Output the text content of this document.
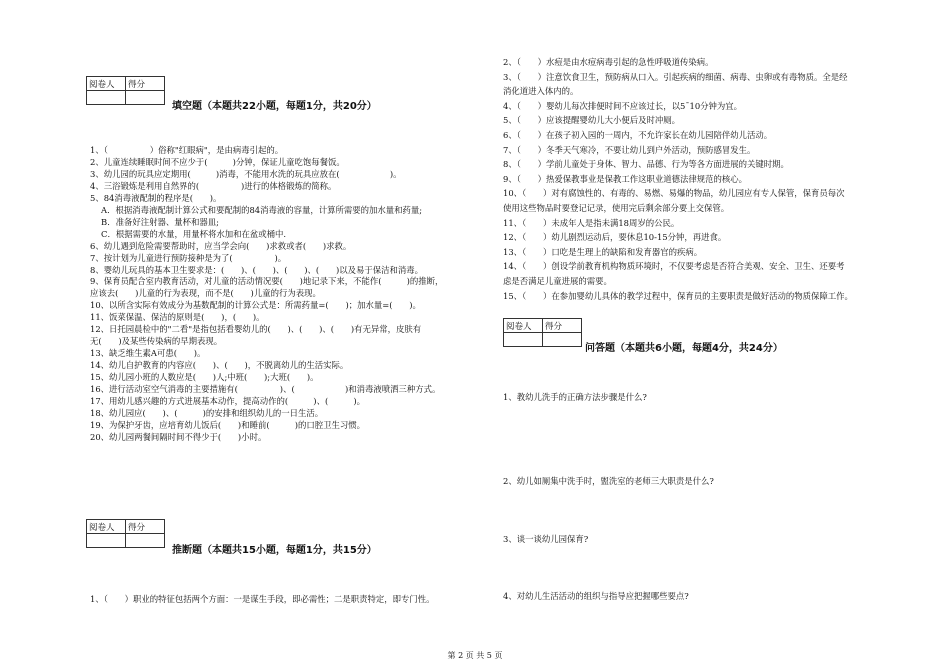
阅卷人	得分

填空题（本题共22小题，每题1分，共20分）
1、（　　　　　）俗称"红眼病"，是由病毒引起的。
2、儿童连续睡眠时间不应少于(　　　)分钟，保证儿童吃饱每餐饭。
3、幼儿园的玩具应定期用(　　　)消毒，不能用水洗的玩具应放在(　　　　　　)。
4、三浴锻炼是利用自然界的(　　　　　)进行的体格锻炼的简称。
5、84消毒液配制的程序是(　　)。
　 A．根据消毒液配制计算公式和要配制的84消毒液的容量，计算所需要的加水量和药量;
　 B．准备好注射器、量杯和器皿;
　 C．根据需要的水量，用量杯将水加和在盆或桶中.
6、幼儿遇到危险需要帮助时，应当学会向(　　)求救或者(　　)求救。
7、按计划为儿童进行预防接种是为了(　　　　　)。
8、婴幼儿玩具的基本卫生要求是：(　　)、(　　)、(　　)、(　　)以及易于保洁和消毒。
9、保育员配合室内教育活动，对儿童的活动情况要(　　)地记录下来，不能作(　　　)的推断，
应该去(　　)儿童的行为表现，而不是(　　)儿童的行为表现。
10、以所含实际有效成分为基数配制的计算公式是：所需药量=(　　)；加水量=(　　)。
11、饭菜保温、保洁的原则是(　　)，(　　)。
12、日托园晨检中的"二看"是指包括看婴幼儿的(　　)、(　　)、(　　)有无异常，皮肤有
无(　　)及某些传染病的早期表现。
13、缺乏维生素A可患(　　)。
14、幼儿自护教育的内容应(　　)、(　　)，不脱离幼儿的生活实际。
15、幼儿园小班的人数应是(　　)人;中班(　　);大班(　　)。
16、进行活动室空气消毒的主要措施有(　　　　　)、(　　　　　　)和消毒液喷洒三种方式。
17、用幼儿感兴趣的方式进展基本动作，提高动作的(　　　)、(　　　)。
18、幼儿园应(　　)、(　　　)的安排和组织幼儿的一日生活。
19、为保护牙齿，应培育幼儿饭后(　　)和睡前(　　　)的口腔卫生习惯。
20、幼儿园两餐间隔时间不得少于(　　)小时。
阅卷人	得分

推断题（本题共15小题，每题1分，共15分）
1、（　　）职业的特征包括两个方面：一是谋生手段，即必需性；二是职责特定，即专门性。
2、（　　）水痘是由水痘病毒引起的急性呼吸道传染病。
3、（　　）注意饮食卫生，预防病从口入。引起疾病的细菌、病毒、虫卵或有毒物质。全是经
消化道进入体内的。
4、（　　）婴幼儿每次排便时间不应该过长，以5¯10分钟为宜。
5、（　　）应该提醒婴幼儿大小便后及时冲厕。
6、（　　）在孩子初入园的一周内，不允许家长在幼儿园陪伴幼儿活动。
7、（　　）冬季天气寒冷，不要让幼儿到户外活动，预防感冒发生。
8、（　　）学前儿童处于身体、智力、品德、行为等各方面进展的关键时期。
9、（　　）热爱保教事业是保教工作这职业道德法律规范的核心。
10、（　　）对有腐蚀性的、有毒的、易燃、易爆的物品，幼儿园应有专人保管，保育员每次
使用这些物品时要登记记录，使用完后剩余部分要上交保管。
11、（　　）未成年人是指未满18周岁的公民。
12、（　　）幼儿剧烈运动后，要休息10-15分钟，再进食。
13、（　　）口吃是生理上的缺陷和发育器官的疾病。
14、（　　）创设学前教育机构物质环境时，不仅要考虑是否符合美观、安全、卫生、还要考
虑是否满足儿童进展的需要。
15、（　　）在参加婴幼儿具体的教学过程中，保育员的主要职责是做好活动的物质保障工作。
阅卷人	得分

问答题（本题共6小题，每题4分，共24分）
1、教幼儿洗手的正确方法步骤是什么?
2、幼儿如厕集中洗手时，盥洗室的老师三大职责是什么?
3、谈一谈幼儿园保育?
4、对幼儿生活活动的组织与指导应把握哪些要点?
第 2 页 共 5 页
